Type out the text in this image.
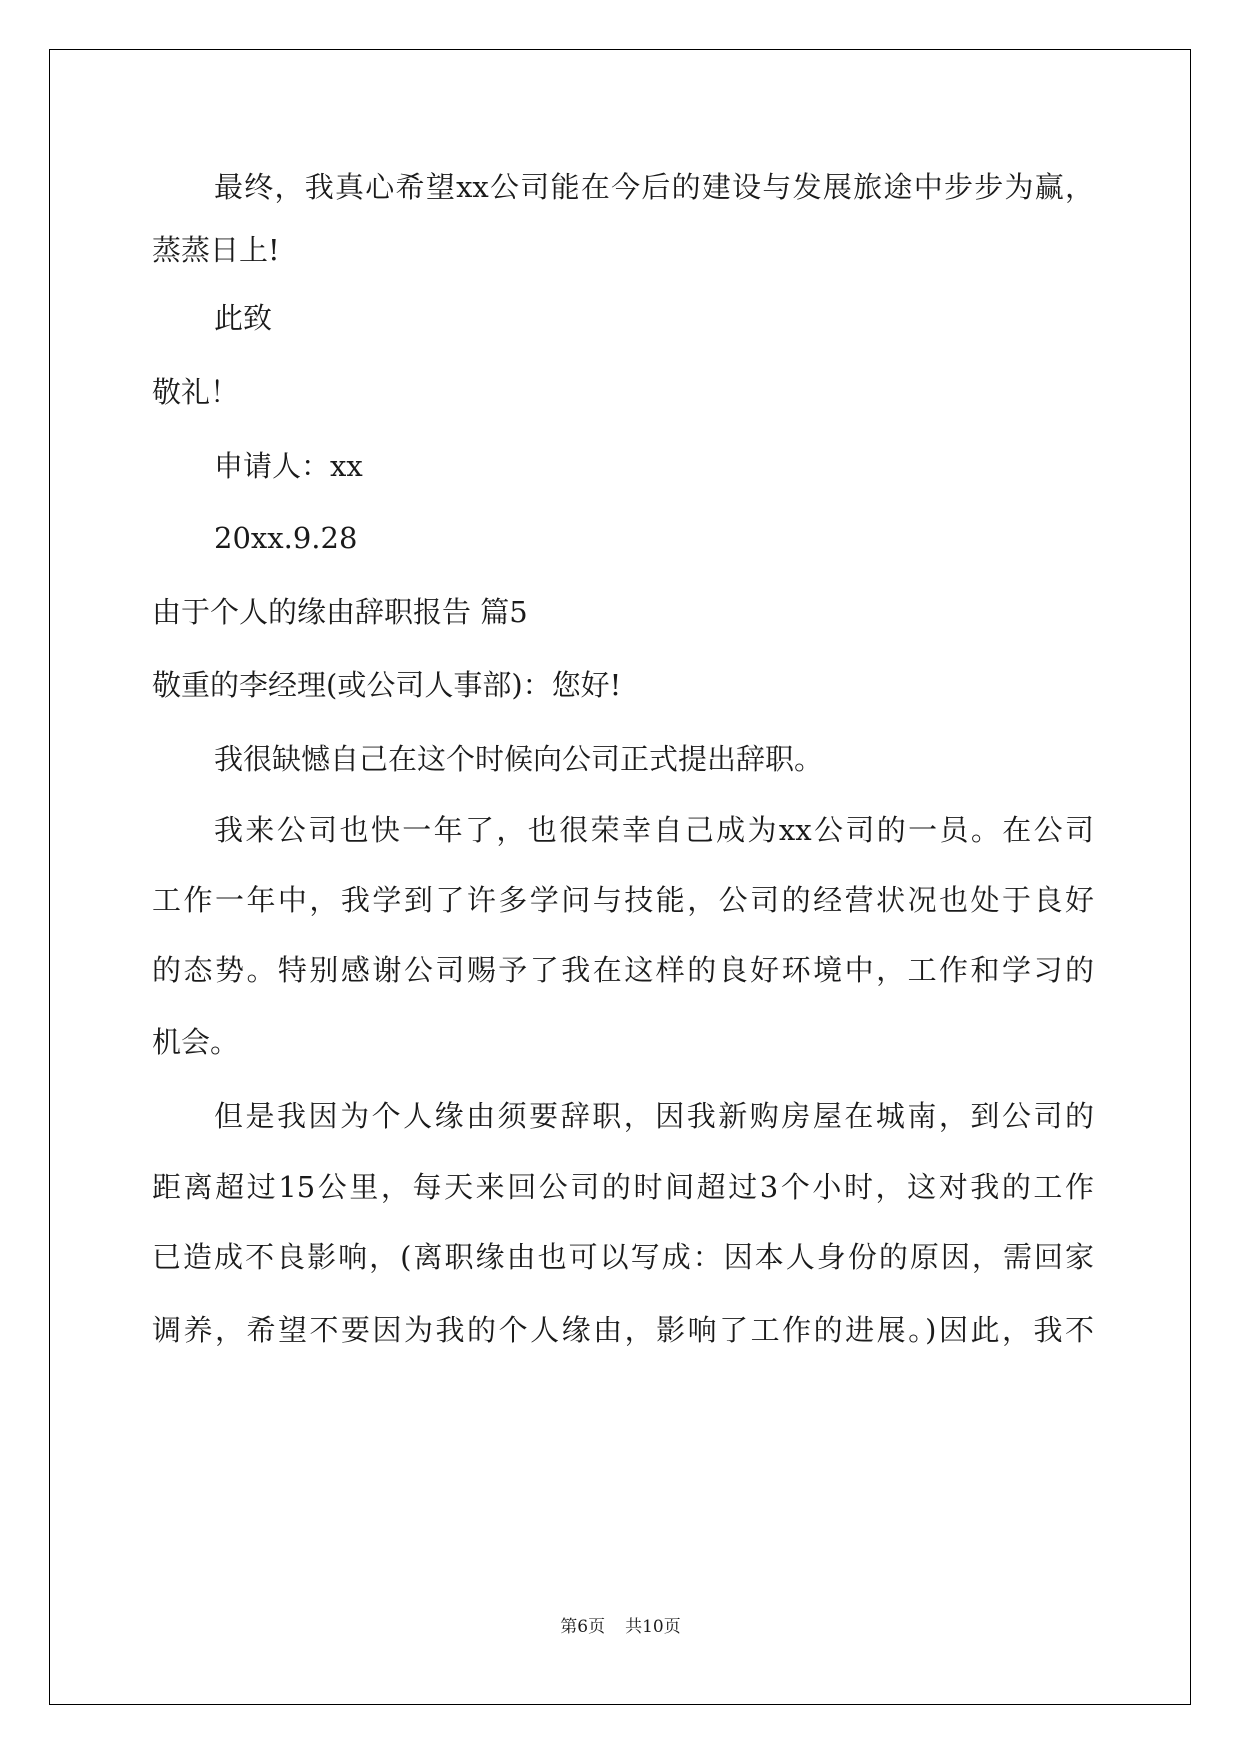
最终，我真心希望xx公司能在今后的建设与发展旅途中步步为赢，

蒸蒸日上!

此致

敬礼！

申请人：xx

20xx.9.28

由于个人的缘由辞职报告 篇5

敬重的李经理(或公司人事部)：您好!

我很缺憾自己在这个时候向公司正式提出辞职。

我来公司也快一年了，也很荣幸自己成为xx公司的一员。在公司

工作一年中，我学到了许多学问与技能，公司的经营状况也处于良好

的态势。特别感谢公司赐予了我在这样的良好环境中，工作和学习的

机会。

但是我因为个人缘由须要辞职，因我新购房屋在城南，到公司的

距离超过15公里，每天来回公司的时间超过3个小时，这对我的工作

已造成不良影响，(离职缘由也可以写成：因本人身份的原因，需回家

调养，希望不要因为我的个人缘由，影响了工作的进展。)因此，我不

第6页 共10页
